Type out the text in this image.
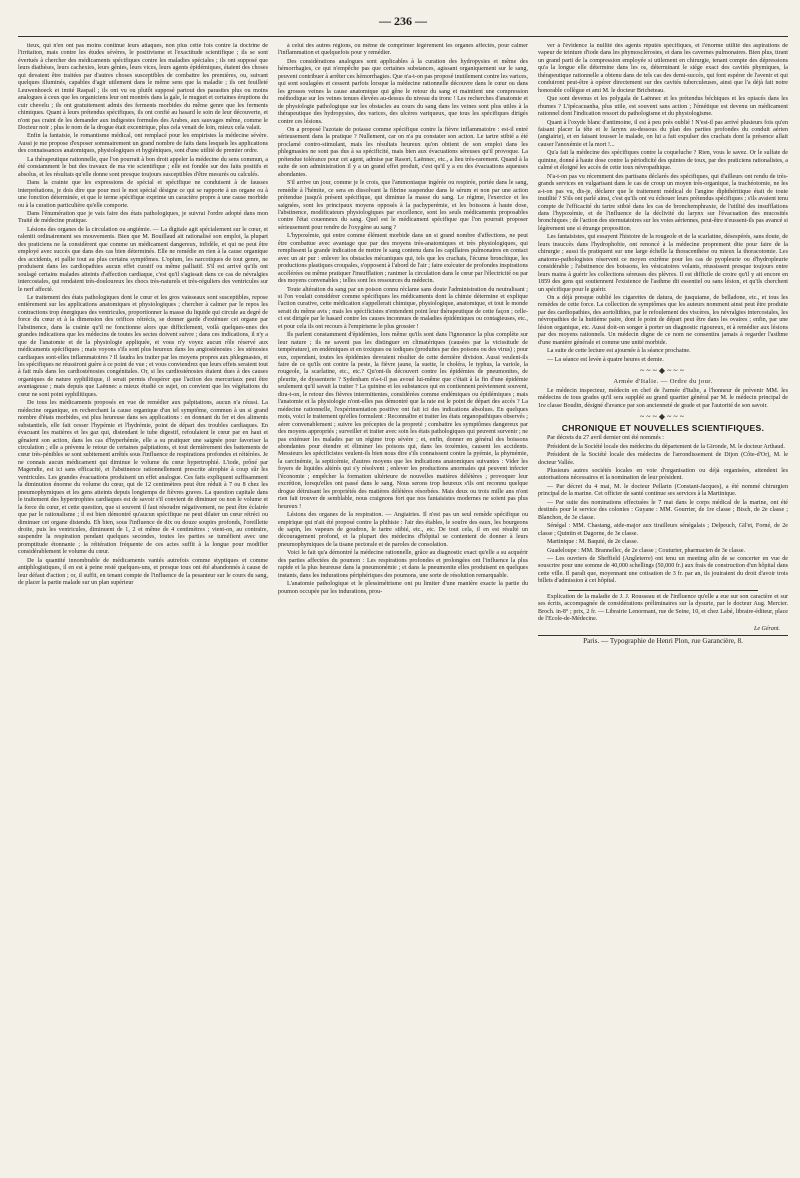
— 236 —

tieux, qui n'en ont pas moins continué leurs attaques, non plus cette fois contre la doctrine de l'irritation, mais contre les études sévères, le positivisme et l'exactitude scientifique ; ils se sont évertués à chercher des médicaments spécifiques contre les maladies spéciales ; ils ont supposé que leurs diathèses, leurs cachexies, leurs génies, leurs vices, leurs agents épidémiques, étaient des choses qui devaient être traitées par d'autres choses susceptibles de combattre les premières, ou, suivant quelques illuminés, capables d'agir utilement dans le même sens que la maladie ; ils ont feuilleté Leuwenhoeck et imité Raspail ; ils ont vu ou plutôt supposé partout des parasites plus ou moins analogues à ceux que les organiciens leur ont montrés dans la gale, le muguet et certaines éruptions du cuir chevelu ; ils ont gratuitement admis des ferments morbides du même genre que les ferments chimiques. Quant à leurs prétendus spécifiques, ils ont confié au hasard le soin de leur découverte, et n'ont pas craint de les demander aux indigestes formules des Arabes, aux sauvages même, comme le Docteur noir ; plus le nom de la drogue était excentrique, plus cela venait de loin, mieux cela valait.

Enfin la fantaisie, le romantisme médical, ont remplacé pour les empiristes la médecine sévère. Aussi je me propose d'exposer sommairement un grand nombre de faits dans lesquels les applications des connaissances anatomiques, physiologiques et hygiéniques, sont d'une utilité de premier ordre.

La thérapeutique rationnelle, que l'on pourrait à bon droit appeler la médecine du sens commun, a été constamment le but des travaux de ma vie scientifique ; elle est fondée sur des faits positifs et absolus, et les résultats qu'elle donne sont presque toujours susceptibles d'être mesurés ou calculés.

Dans la crainte que les expressions de spécial et spécifique ne conduisent à de fausses interprétations, je dois dire que pour moi le mot spécial désigne ce qui se rapporte à un organe ou à une fonction déterminée, et que le terme spécifique exprime un caractère propre à une cause morbide ou à la curation particulière qu'elle comporte.

Dans l'énumération que je vais faire des états pathologiques, je suivrai l'ordre adopté dans mon Traité de médecine pratique.

Lésions des organes de la circulation ou angiémie. — La digitale agit spécialement sur le cœur, et ralentit ordinairement ses mouvements. Bien que M. Bouillaud ait rationalisé son emploi, la plupart des praticiens ne la considèrent que comme un médicament dangereux, infidèle, et qui ne peut être employé avec succès que dans des cas bien déterminés. Elle ne remédie en rien à la cause organique des accidents, et pallie tout au plus certains symptômes. L'opium, les narcotiques de tout genre, ne produisent dans les cardiopathies aucun effet curatif ou même palliatif. S'il est arrivé qu'ils ont soulagé certains malades atteints d'affection cardiaque, c'est qu'il s'agissait dans ce cas de névralgies intercostales, qui rendaient très-douloureux les chocs très-naturels et très-réguliers des ventricules sur le nerf affecté.

Le traitement des états pathologiques dont le cœur et les gros vaisseaux sont susceptibles, repose entièrement sur les applications anatomiques et physiologiques ; chercher à calmer par le repos les contractions trop énergiques des ventricules, proportionner la masse du liquide qui circule au degré de force du cœur et à la dimension des orifices rétrécis, se donner garde d'exténuer cet organe par l'abstinence, dans la crainte qu'il ne fonctionne alors que difficilement, voilà quelques-unes des grandes indications que les médecins de toutes les sectes doivent suivre ; dans ces indications, il n'y a que de l'anatomie et de la physiologie appliquée, et vous n'y voyez aucun rôle réservé aux médicaments spécifiques ; mais voyons s'ils sont plus heureux dans les angiosténosies : les sténosies cardiaques sont-elles inflammatoires ? Il faudra les traiter par les moyens propres aux phlegmasies, et les spécifiques ne réussiront guère à ce point de vue ; et vous conviendrez que leurs effets seraient tout à fait nuls dans les cardiosténosies congénitales. Or, si les cardiosténosies étaient dues à des causes organiques de nature syphilitique, il serait permis d'espérer que l'action des mercuriaux peut être avantageuse ; mais depuis que Laënnec a mieux étudié ce sujet, on convient que les végétations du cœur ne sont point syphilitiques.

De tous les médicaments proposés en vue de remédier aux palpitations, aucun n'a réussi. La médecine organique, en recherchant la cause organique d'un tel symptôme, commun à un si grand nombre d'états morbides, est plus heureuse dans ses applications : en donnant du fer et des aliments substantiels, elle fait cesser l'hypémie et l'hydrémie, point de départ des troubles cardiaques. En évacuant les matières et les gaz qui, distendant le tube digestif, refoulaient le cœur par en haut et gênaient son action, dans les cas d'hyperhémie, elle a su pratiquer une saignée pour favoriser la circulation ; elle a prévenu le retour de certaines palpitations, et tout dernièrement des battements de cœur très-pénibles se sont subitement arrêtés sous l'influence de respirations profondes et réitérées. Je ne connais aucun médicament qui diminue le volume du cœur hypertrophié. L'iode, prôné par Magendie, est ici sans efficacité, et l'abstinence rationnellement prescrite atrophie à coup sûr les ventricules. Les grandes évacuations produisent un effet analogue. Ces faits expliquent suffisamment la diminution énorme du volume du cœur, qui de 12 centimètres peut être réduit à 7 ou 8 chez les pneumophymiques et les gens atteints depuis longtemps de fièvres graves. La question capitale dans le traitement des hypertrophies cardiaques est de savoir s'il convient de diminuer ou non le volume et la force du cœur, et cette question, que si souvent il faut résoudre négativement, ne peut être éclairée que par le rationalisme ; il est bien démontré qu'aucun spécifique ne peut dilater un cœur rétréci ou diminuer cet organe distendu. Eh bien, sous l'influence de dix ou douze soupirs profonds, l'oreillette droite, puis les ventricules, diminuent de 1, 2 et même de 4 centimètres ; vient-on, au contraire, suspendre la respiration pendant quelques secondes, toutes les parties se tuméfient avec une promptitude étonnante ; la réitération fréquente de ces actes suffit à la longue pour modifier considérablement le volume du cœur.

De la quantité innombrable de médicaments vantés autrefois comme styptiques et comme antiphlogistiques, il en est à peine resté quelques-uns, et presque tous ont été abandonnés à cause de leur défaut d'action ; or, il suffit, en tenant compte de l'influence de la pesanteur sur le cours du sang, de placer la partie malade sur un plan supérieur

à celui des autres régions, ou même de comprimer légèrement les organes affectés, pour calmer l'inflammation et quelquefois pour y remédier.

Des considérations analogues sont applicables à la curation des hydropysies et même des hémorrhagies, ce qui n'empêche pas que certaines substances, agissant organiquement sur le sang, peuvent contribuer à arrêter ces hémorrhagies. Que n'a-t-on pas proposé inutilement contre les varices, qui sont soulagées et cessent parfois lorsque la médecine rationnelle découvre dans le cœur ou dans les grosses veines la cause anatomique qui gêne le retour du sang et maintient une compression méthodique sur les veines tenues élevées au-dessus du niveau du tronc ! Les recherches d'anatomie et de physiologie pathologique sur les obstacles au cours du sang dans les veines sont plus utiles à la thérapeutique des hydropysies, des varices, des ulcères variqueux, que tous les spécifiques dirigés contre ces lésions.

On a proposé l'azotate de potasse comme spécifique contre la fièvre inflammatoire : est-il entré sérieusement dans la pratique ? Nullement, car on n'a pu constater son action. Le tartre stibié a été proclamé contro-stimulant, mais les résultats heureux qu'on obtient de son emploi dans les phlegmasies ne sont pas dus à sa spécificité, mais bien aux évacuations séreuses qu'il provoque. La prétendue tolérance pour cet agent, admise par Rasori, Laënnec, etc., a lieu très-rarement. Quand à la suite de son administration il y a un grand effet produit, c'est qu'il y a eu des évacuations aqueuses abondantes.

S'il arrive un jour, comme je le crois, que l'ammoniaque ingérée ou respirée, portée dans le sang, remédie à l'hémite, ce sera en dissolvant la fibrine suspendue dans le sérum et non par une action prétendue jusqu'à présent spécifique, qui diminue la masse du sang. Le régime, l'exercice et les saignées, sont les principaux moyens opposés à la pachyperémie, et les boissons à haute dose, l'abstinence, modificateurs physiologiques par excellence, sont les seuls médicaments proposables contre l'état couenneux du sang. Quel est le médicament spécifique que l'on pourrait proposer sérieusement pour rendre de l'oxygène au sang ?

L'hypoxémie, qui entre comme élément morbide dans un si grand nombre d'affections, ne peut être combattue avec avantage que par des moyens très-anatomiques et très physiologiques, qui remplissent la grande indication de mettre le sang contenu dans les capillaires pulmonaires en contact avec un air pur : enlever les obstacles mécaniques qui, tels que les crachats, l'écume bronchique, les productions plastiques croupales, s'opposent à l'abord de l'air ; faire exécuter de profondes inspirations accélérées ou même pratiquer l'insufflation ; ranimer la circulation dans le cœur par l'électricité ou par des moyens convenables ; telles sont les ressources du médecin.

Toute altération du sang par un poison connu réclame sans doute l'administration du neutralisant ; si l'on voulait considérer comme spécifiques les médicaments dont la chimie détermine et explique l'action curative, cette médication s'appellerait chimique, physiologique, anatomique, et tout le monde serait du même avis ; mais les spécificistes n'entendent point leur thérapeutique de cette façon ; celle-ci est dirigée par le hasard contre les causes inconnues de maladies épidémiques ou contagieuses, etc., et pour cela ils ont recours à l'empirisme le plus grossier !

Ils parlent constamment d'épidémies, lors même qu'ils sont dans l'ignorance la plus complète sur leur nature ; ils ne savent pas les distinguer en climatériques (causées par la vicissitude de température), en endémiques et en toxiques ou iodiques (produites par des poisons ou des virus) ; pour eux, cependant, toutes les épidémies devraient résulter de cette dernière division. Aussi veulent-ils faire de ce qu'ils ont contre la peste, la fièvre jaune, la suette, le choléra, le typhus, la variole, la rougeole, la scarlatine, etc., etc.? Qu'ont-ils découvert contre les épidémies de pneumonites, de pleurite, de dyssenterie ? Sydenham n'a-t-il pas avoué lui-même que c'était à la fin d'une épidémie seulement qu'il savait la traiter ? La quinine et les substances qui en contiennent préviennent souvent, dira-t-on, le retour des fièvres intermittentes, considérées comme endémiques ou épidémiques ; mais l'anatomie et la physiologie n'ont-elles pas démontré que la rate est le point de départ des accès ? La médecine rationnelle, l'expérimentation positive ont fait ici des indications absolues. En quelques mots, voici le traitement qu'elles formulent : Reconnaître et traiter les états organopathiques observés ; aérer convenablement ; suivre les préceptes de la propreté ; combattre les symptômes dangereux par des moyens appropriés ; surveiller et traiter avec soin les états pathologiques qui peuvent survenir ; ne pas exténuer les malades par un régime trop sévère ; et, enfin, donner en général des boissons abondantes pour étendre et éliminer les poisons qui, dans les toxémies, causent les accidents. Messieurs les spécificistes veulent-ils bien nous dire s'ils connaissent contre la pyémie, la phymémie, la carcinémie, la septicémie, d'autres moyens que les indications anatomiques suivantes : Vider les foyers de liquides altérés qui s'y résolvent ; enlever les productions anormales qui peuvent infecter l'économie ; empêcher la formation ultérieure de nouvelles matières délétères ; provoquer leur excrétion, lorsqu'elles ont passé dans le sang. Nous serons trop heureux s'ils ont reconnu quelque drogue détruisant les propriétés des matières délétères résorbées. Mais deux ou trois mille ans n'ont rien fait trouver de semblable, nous craignons fort que nos fantaisistes modernes ne soient pas plus heureux !

Lésions des organes de la respiration. — Angiairies. Il n'est pas un seul remède spécifique ou empirique qui n'ait été proposé contre la phthisie : l'air des étables, le soufre des eaux, les bourgeons de sapin, les vapeurs de goudron, le tartre stibié, etc., etc. De tout cela, il en est résulté un découragement profond, et la plupart des médecins d'hôpital se contentent de donner à leurs pneumophymiques de la tisane pectorale et de paroles de consolation.

Voici le fait qu'a démontré la médecine rationnelle, grâce au diagnostic exact qu'elle a su acquérir des parties affectées du poumon : Les respirations profondes et prolongées ont l'influence la plus rapide et la plus heureuse dans la pneumonémie ; et dans la pneumonite elles produisent en quelques instants, dans les indurations périphériques des poumons, une sorte de résolution remarquable.

L'anatomie pathologique et le plessimétrisme ont pu limiter d'une manière exacte la partie du poumon occupée par les indurations, prou-

ver à l'évidence la nullité des agents réputés spécifiques, et l'énorme utilité des aspirations de vapeur de teinture d'iode dans les phymosclérosies, et dans les cavernes pulmonaires. Bien plus, tirant un grand parti de la compression employée si utilement en chirurgie, tenant compte des dépressions qu'a la longue elle détermine dans les os, déterminant le siége exact des cavités phymiques, la thérapeutique rationnelle a obtenu dans de tels cas des demi-succès, qui font espérer de l'avenir et qui conduiront peut-être à opérer directement sur des cavités tuberculeuses, ainsi que l'a déjà fait notre honorable collègue et ami M. le docteur Bricheteau.

Que sont devenus et les polygala de Laënnec et les prétendus béchiques et les opiacés dans les rhumes ? L'ipécacuanha, plus utile, est souvent sans action ; l'émétique est devenu un médicament rationnel dont l'indication ressort du pathologisme et du physiologisme.

Quant à l'oxyde blanc d'antimoine, il est à peu près oublié ! N'est-il pas arrivé plusieurs fois qu'en faisant placer la tête et le larynx au-dessous du plan des parties profondes du conduit aérien (angiairie), et en faisant tousser le malade, on lui a fait expulser des crachats dont la présence allait causer l'anoxémie et la mort !...

Qu'a fait la médecine des spécifiques contre la coqueluche ? Rien, vous le savez. Or le sulfate de quinine, donné à haute dose contre la périodicité des quintes de toux, par des praticiens rationalistes, a calmé et éloigné les accès de cette toux névropathique.

N'a-t-on pas vu récemment des partisans déclarés des spécifiques, qui d'ailleurs ont rendu de très-grands services en vulgarisant dans le cas de croup un moyen très-organique, la trachéotomie, ne les a-t-on pas vu, dis-je, déclarer que le traitement médical de l'angine diphthéritique était de toute inutilité ? S'ils ont parlé ainsi, c'est qu'ils ont vu échouer leurs prétendus spécifiques ; s'ils avaient tenu compte de l'efficacité du tartre stibié dans les cas de bronchemphraxie, de l'utilité des insufflations dans l'hypoxémie, et de l'influence de la déclivité du larynx sur l'évacuation des mucosités bronchiques ; de l'action des sternutatoires sur les voies aériennes, peut-être n'eussent-ils pas avancé si légèrement une si étrange proposition.

Les fantaisistes, qui essayent l'histoire de la rougeole et de la scarlatine, désespérés, sans doute, de leurs insuccès dans l'hydrophobie, ont renoncé à la médecine proprement dite pour faire de la chirurgie ; aussi ils pratiquent sur une large échelle la thoracenthèse ou mieux la thoracotomie. Les anatomo-pathologistes réservent ce moyen extrême pour les cas de pyopleurie ou d'hydropleurie considérable ; l'abstinence des boissons, les vésicatoires volants, réussissent presque toujours entre leurs mains à guérir les collections séreuses des plèvres. Il est difficile de croire qu'il y ait encore en 1859 des gens qui soutiennent l'existence de l'asthme dit essentiel ou sans lésion, et qu'ils cherchent un spécifique pour le guérir.

On a déjà presque oublié les cigarettes de datura, de jusquiame, de belladone, etc., et tous les remèdes de cette force. La collection de symptômes que les auteurs nomment ainsi peut être produite par des cardiopathies, des aortolithies, par le refoulement des viscères, les névralgies intercostales, les névropathies de la huitième paire, dont le point de départ peut être dans les ovaires ; enfin, par une lésion organique, etc. Aussi doit-on songer à porter un diagnostic rigoureux, et à remédier aux lésions par des moyens rationnels. Un médecin digne de ce nom ne consentira jamais à regarder l'asthme d'une manière générale et comme une unité morbide.

La suite de cette lecture est ajournée à la séance prochaine.

— La séance est levée à quatre heures et demie.

~~~◆~~~
Armée d'Italie. — Ordre du jour.

Le médecin inspecteur, médecin en chef de l'armée d'Italie, a l'honneur de prévenir MM. les médecins de tous grades qu'il sera suppléé au grand quartier général par M. le médecin principal de 1re classe Boudin, désigné d'avance par son ancienneté de grade et par l'autorité de son savoir.

~~~◆~~~
CHRONIQUE ET NOUVELLES SCIENTIFIQUES.

Par décrets du 27 avril dernier ont été nommés :

Président de la Société locale des médecins du département de la Gironde, M. le docteur Arthaud.

Président de la Société locale des médecins de l'arrondissement de Dijon (Côte-d'Or), M. le docteur Vallée.

Plusieurs autres sociétés locales en voie d'organisation ou déjà organisées, attendent les autorisations nécessaires et la nomination de leur président.

— Par décret du 4 mai, M. le docteur Pellarin (Constant-Jacques), a été nommé chirurgien principal de la marine. Cet officier de santé continue ses services à la Martinique.

— Par suite des nominations effectuées le 7 mai dans le corps médical de la marine, ont été destinés pour le service des colonies : Guyane : MM. Gourrier, de 1re classe ; Bisch, de 2e classe ; Blanchon, de 3e classe.

Sénégal : MM. Chastang, aide-major aux tirailleurs sénégalais ; Delpeuch, Gil'et, Forné, de 2e classe ; Quintin et Dagorne, de 3e classe.

Martinique : M. Baquié, de 2e classe.

Guadeloupe : MM. Brannellec, de 2e classe ; Couturier, pharmacien de 3e classe.

— Les ouvriers de Sheffield (Angleterre) ont tenu un meeting afin de se concerter en vue de souscrire pour une somme de 40,000 schellings (50,000 fr.) aux frais de construction d'un hôpital dans cette ville. Il paraît que, moyennant une cotisation de 3 fr. par an, ils jouiraient du droit d'avoir trois billets d'admission à cet hôpital.

Explication de la maladie de J. J. Rousseau et de l'influence qu'elle a eue sur son caractère et sur ses écrits, accompagnée de considérations préliminaires sur la dysurie, par le docteur Aug. Mercier. Broch. in-8° ; prix, 2 fr. — Librairie Lenormant, rue de Seine, 10, et chez Labé, libraire-éditeur, place de l'Ecole-de-Médecine.

Le Gérant.
Paris. — Typographie de Henri Plon, rue Garancière, 8.
